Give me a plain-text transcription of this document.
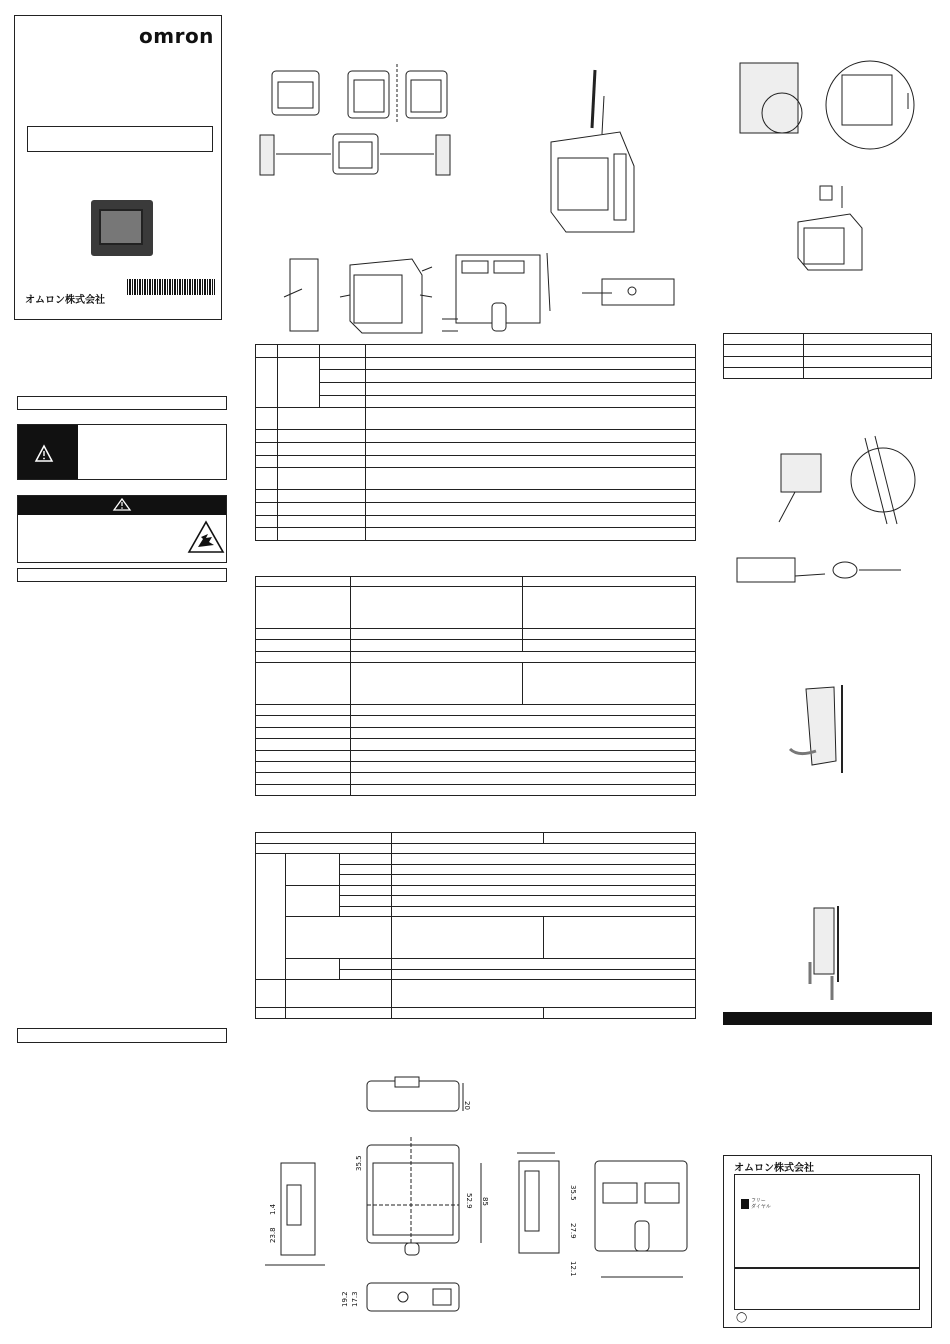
omron
オムロン株式会社

20
85
52.9
35.5
23.8
1.4
19.2 17.3
35.5
27.9
12.1

オムロン株式会社
フリー
ダイヤル
◯
